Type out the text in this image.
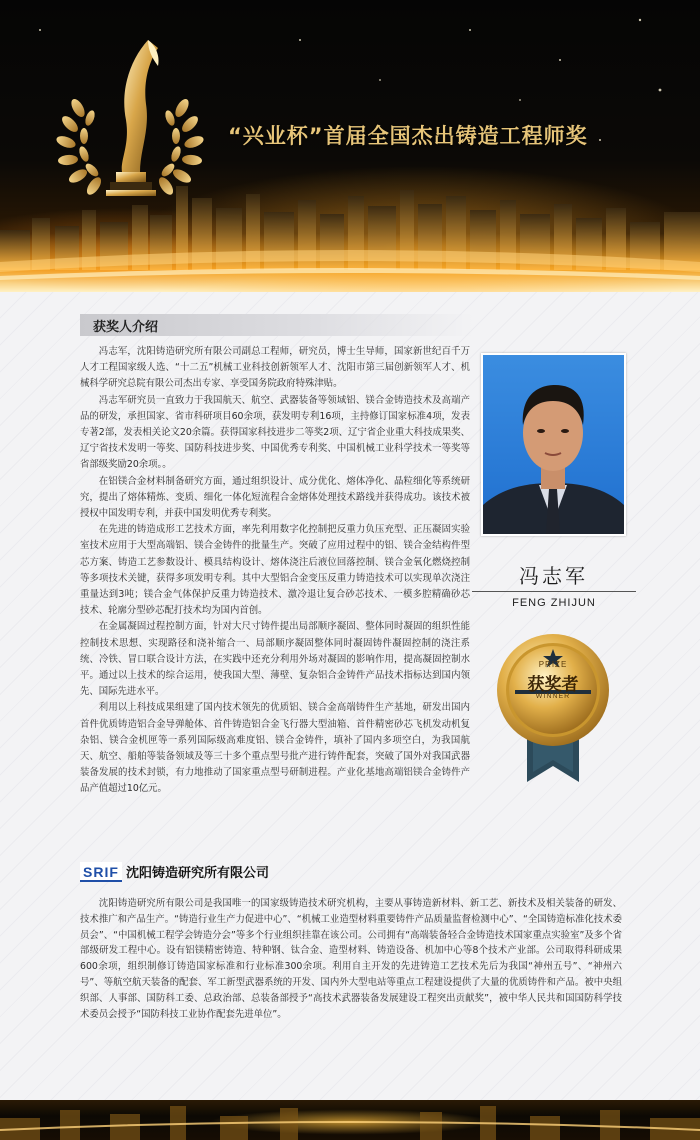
“兴业杯”首届全国杰出铸造工程师奖
获奖人介绍

冯志军，沈阳铸造研究所有限公司副总工程师，研究员，博士生导师，国家新世纪百千万人才工程国家级人选、“十二五”机械工业科技创新领军人才、沈阳市第三届创新领军人才、机械科学研究总院有限公司杰出专家、享受国务院政府特殊津贴。

冯志军研究员一直致力于我国航天、航空、武器装备等领域铝、镁合金铸造技术及高端产品的研发，承担国家、省市科研项目60余项，获发明专利16项，主持修订国家标准4项，发表专著2部，发表相关论文20余篇。获得国家科技进步二等奖2项、辽宁省企业重大科技成果奖、辽宁省技术发明一等奖、国防科技进步奖、中国优秀专利奖、中国机械工业科学技术一等奖等省部级奖励20余项。。

在铝镁合金材料制备研究方面，通过组织设计、成分优化、熔体净化、晶粒细化等系统研究，提出了熔体精炼、变质、细化一体化短流程合金熔体处理技术路线并获得成功。该技术被授权中国发明专利，并获中国发明优秀专利奖。

在先进的铸造成形工艺技术方面，率先利用数字化控制把反重力负压充型、正压凝固实验室技术应用于大型高端铝、镁合金铸件的批量生产。突破了应用过程中的铝、镁合金结构件型芯方案、铸造工艺参数设计、模具结构设计、熔体浇注后液位回落控制、镁合金氧化燃烧控制等多项技术关键，获得多项发明专利。其中大型铝合金变压反重力铸造技术可以实现单次浇注重量达到3吨；镁合金气体保护反重力铸造技术、激冷退让复合砂芯技术、一模多腔精确砂芯技术、轮廓分型砂芯配打技术均为国内首创。

在金属凝固过程控制方面，针对大尺寸铸件提出局部顺序凝固、整体同时凝固的组织性能控制技术思想、实现路径和浇补缩合一、局部顺序凝固整体同时凝固铸件凝固控制的浇注系统、冷铁、冒口联合设计方法，在实践中还充分利用外场对凝固的影响作用，提高凝固控制水平。通过以上技术的综合运用，使我国大型、薄壁、复杂铝合金铸件产品技术指标达到国内领先、国际先进水平。

利用以上科技成果组建了国内技术领先的优质铝、镁合金高端铸件生产基地，研发出国内首件优质铸造铝合金导弹舱体、首件铸造铝合金飞行器大型油箱、首件精密砂芯飞机发动机复杂铝、镁合金机匣等一系列国际级高难度铝、镁合金铸件，填补了国内多项空白，为我国航天、航空、船舶等装备领域及等三十多个重点型号批产进行铸件配套，突破了国外对我国武器装备发展的技术封锁，有力地推动了国家重点型号研制进程。产业化基地高端铝镁合金铸件产品产值超过10亿元。

冯志军
FENG ZHIJUN
PRIZE
获奖者
WINNER
SRIF 沈阳铸造研究所有限公司
沈阳铸造研究所有限公司是我国唯一的国家级铸造技术研究机构，主要从事铸造新材料、新工艺、新技术及相关装备的研发、技术推广和产品生产。“铸造行业生产力促进中心”、“机械工业造型材料重要铸件产品质量监督检测中心”、“全国铸造标准化技术委员会”、“中国机械工程学会铸造分会”等多个行业组织挂靠在该公司。公司拥有“高端装备轻合金铸造技术国家重点实验室”及多个省部级研发工程中心。设有铝镁精密铸造、特种钢、钛合金、造型材料、铸造设备、机加中心等8个技术产业部。公司取得科研成果600余项，组织制修订铸造国家标准和行业标准300余项。利用自主开发的先进铸造工艺技术先后为我国“神州五号”、“神州六号”、等航空航天装备的配套、军工新型武器系统的开发、国内外大型电站等重点工程建设提供了大量的优质铸件和产品。被中央组织部、人事部、国防科工委、总政治部、总装备部授予“高技术武器装备发展建设工程突出贡献奖”，被中华人民共和国国防科学技术委员会授予“国防科技工业协作配套先进单位”。
